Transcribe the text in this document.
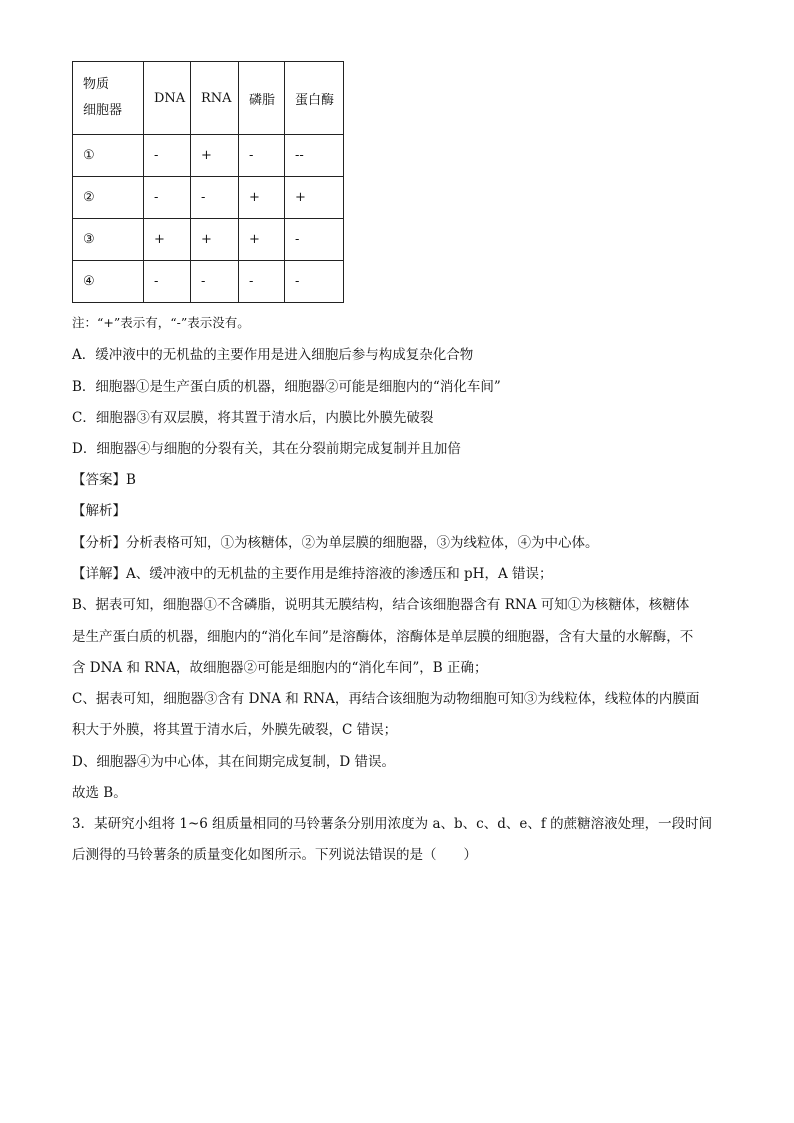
物质
细胞器	DNA	RNA	磷脂	蛋白酶
①	-	+	-	--
②	-	-	+	+
③	+	+	+	-
④	-	-	-	-
注：“+”表示有，“-”表示没有。
A．缓冲液中的无机盐的主要作用是进入细胞后参与构成复杂化合物
B．细胞器①是生产蛋白质的机器，细胞器②可能是细胞内的“消化车间”
C．细胞器③有双层膜，将其置于清水后，内膜比外膜先破裂
D．细胞器④与细胞的分裂有关，其在分裂前期完成复制并且加倍
【答案】B
【解析】
【分析】分析表格可知，①为核糖体，②为单层膜的细胞器，③为线粒体，④为中心体。
【详解】A、缓冲液中的无机盐的主要作用是维持溶液的渗透压和 pH，A 错误；
B、据表可知，细胞器①不含磷脂，说明其无膜结构，结合该细胞器含有 RNA 可知①为核糖体，核糖体
是生产蛋白质的机器，细胞内的“消化车间”是溶酶体，溶酶体是单层膜的细胞器，含有大量的水解酶，不
含 DNA 和 RNA，故细胞器②可能是细胞内的“消化车间”，B 正确；
C、据表可知，细胞器③含有 DNA 和 RNA，再结合该细胞为动物细胞可知③为线粒体，线粒体的内膜面
积大于外膜，将其置于清水后，外膜先破裂，C 错误；
D、细胞器④为中心体，其在间期完成复制，D 错误。
故选 B。
3．某研究小组将 1~6 组质量相同的马铃薯条分别用浓度为 a、b、c、d、e、f 的蔗糖溶液处理，一段时间
后测得的马铃薯条的质量变化如图所示。下列说法错误的是（　　）
